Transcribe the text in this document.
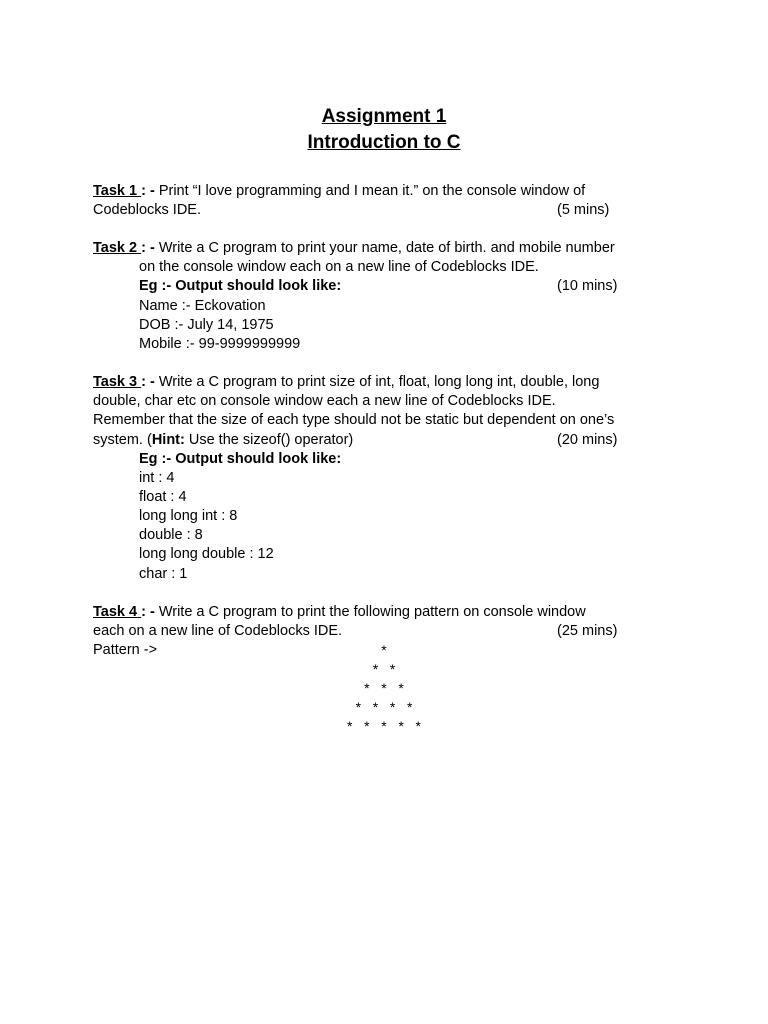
Assignment 1
Introduction to C
Task 1 : - Print “I love programming and I mean it.” on the console window of
Codeblocks IDE.	(5 mins)
Task 2 : - Write a C program to print your name, date of birth. and mobile number
on the console window each on a new line of Codeblocks IDE.
Eg :- Output should look like:	(10 mins)
Name :- Eckovation
DOB :- July 14, 1975
Mobile :- 99-9999999999
Task 3 : - Write a C program to print size of int, float, long long int, double, long
double, char etc on console window each a new line of Codeblocks IDE.
Remember that the size of each type should not be static but dependent on one’s
system. (Hint: Use the sizeof() operator)	(20 mins)
Eg :- Output should look like:
int : 4
float : 4
long long int : 8
double : 8
long long double : 12
char : 1
Task 4 : - Write a C program to print the following pattern on console window
each on a new line of Codeblocks IDE.	(25 mins)
Pattern ->	*
*   *
*   *   *
*   *   *   *
*   *   *   *   *
